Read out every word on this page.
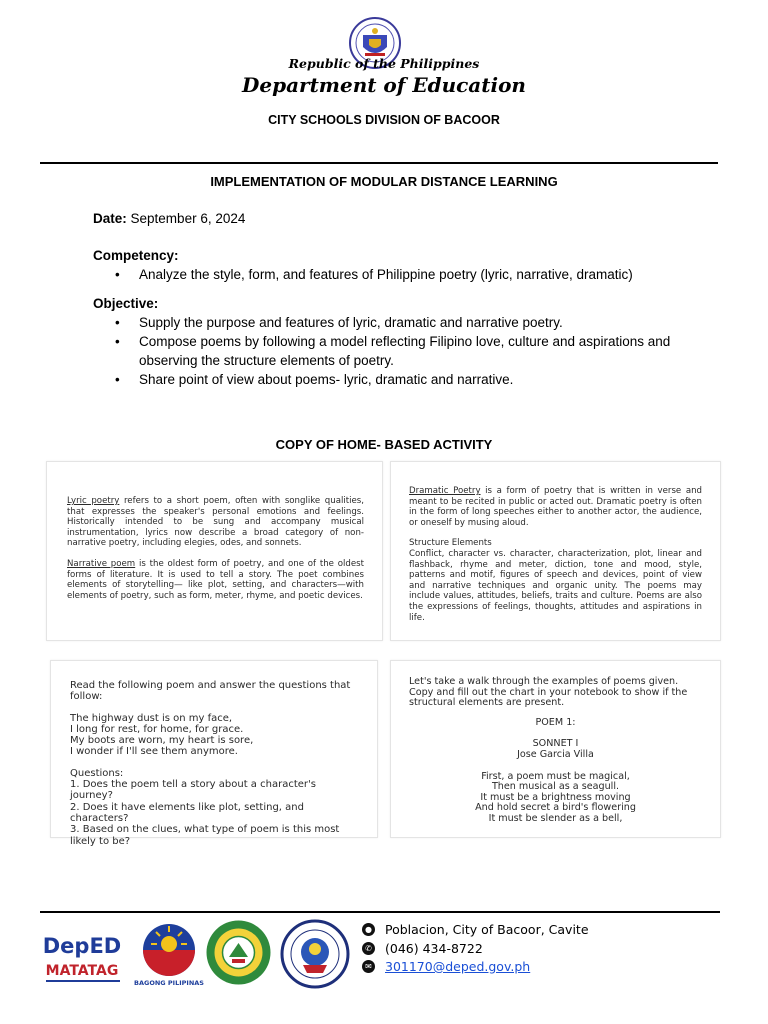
Republic of the Philippines
Department of Education
CITY SCHOOLS DIVISION OF BACOOR
IMPLEMENTATION OF MODULAR DISTANCE LEARNING
Date: September 6, 2024
Competency:
• Analyze the style, form, and features of Philippine poetry (lyric, narrative, dramatic)
Objective:
• Supply the purpose and features of lyric, dramatic and narrative poetry.
• Compose poems by following a model reflecting Filipino love, culture and aspirations and observing the structure elements of poetry.
• Share point of view about poems- lyric, dramatic and narrative.
COPY OF HOME- BASED ACTIVITY

Lyric poetry refers to a short poem, often with songlike qualities, that expresses the speaker's personal emotions and feelings. Historically intended to be sung and accompany musical instrumentation, lyrics now describe a broad category of non-narrative poetry, including elegies, odes, and sonnets.

Narrative poem is the oldest form of poetry, and one of the oldest forms of literature. It is used to tell a story. The poet combines elements of storytelling— like plot, setting, and characters—with elements of poetry, such as form, meter, rhyme, and poetic devices.

Dramatic Poetry is a form of poetry that is written in verse and meant to be recited in public or acted out. Dramatic poetry is often in the form of long speeches either to another actor, the audience, or oneself by musing aloud.

Structure Elements

Conflict, character vs. character, characterization, plot, linear and flashback, rhyme and meter, diction, tone and mood, style, patterns and motif, figures of speech and devices, point of view and narrative techniques and organic unity. The poems may include values, attitudes, beliefs, traits and culture. Poems are also the expressions of feelings, thoughts, attitudes and aspirations in life.

Read the following poem and answer the questions that follow:

The highway dust is on my face,

I long for rest, for home, for grace.

My boots are worn, my heart is sore,

I wonder if I'll see them anymore.

Questions:

1. Does the poem tell a story about a character's journey?

2. Does it have elements like plot, setting, and characters?

3. Based on the clues, what type of poem is this most likely to be?

Let's take a walk through the examples of poems given. Copy and fill out the chart in your notebook to show if the structural elements are present.

POEM 1:

SONNET I

Jose Garcia Villa

First, a poem must be magical,

Then musical as a seagull.

It must be a brightness moving

And hold secret a bird's flowering

It must be slender as a bell,

DepED
MATATAG
BAGONG PILIPINAS
● Poblacion, City of Bacoor, Cavite
✆ (046) 434-8722
✉ 301170@deped.gov.ph
